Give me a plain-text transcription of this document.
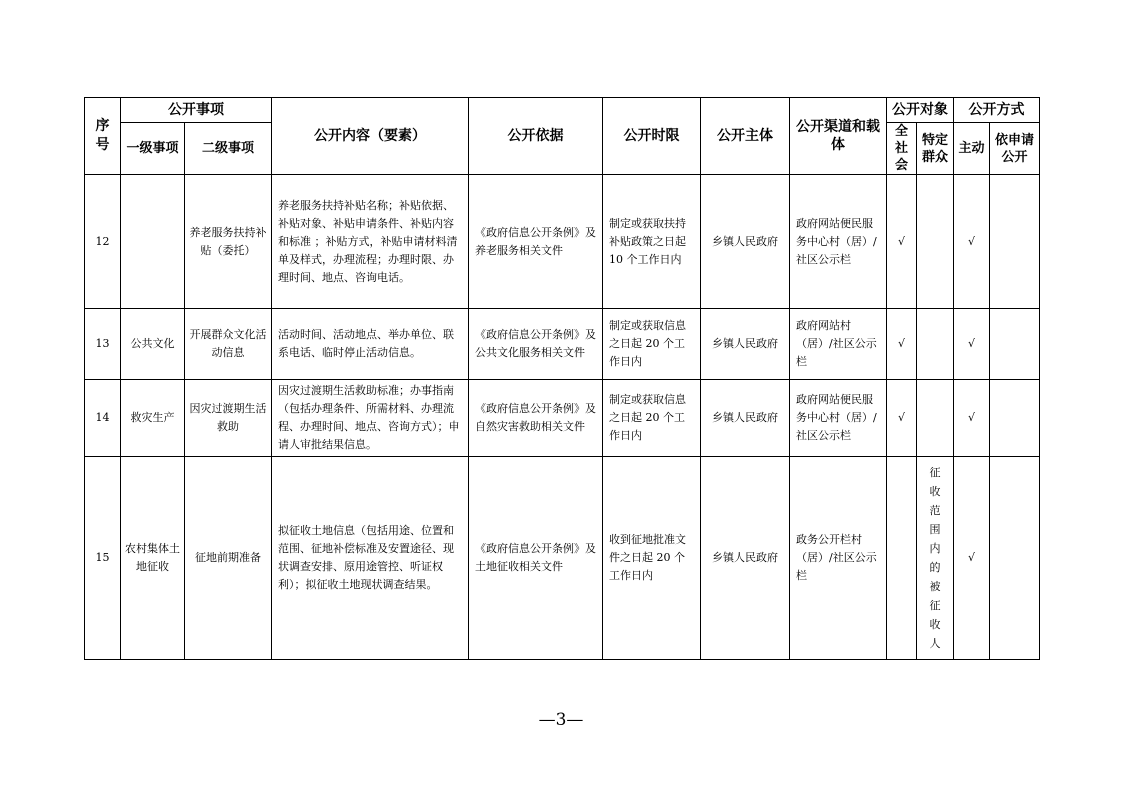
序号	公开事项		公开内容（要素）	公开依据	公开时限	公开主体	公开渠道和载体	公开对象		公开方式	
	一级事项	二级事项						全社会	特定群众	主动	依申请公开
12		养老服务扶持补贴（委托）	养老服务扶持补贴名称；补贴依据、补贴对象、补贴申请条件、补贴内容和标准 ；补贴方式，补贴申请材料清单及样式，办理流程；办理时限、办理时间、地点、咨询电话。	《政府信息公开条例》及养老服务相关文件	制定或获取扶持补贴政策之日起 10 个工作日内	乡镇人民政府	政府网站便民服务中心村（居）/社区公示栏	√		√	
13	公共文化	开展群众文化活动信息	活动时间、活动地点、举办单位、联系电话、临时停止活动信息。	《政府信息公开条例》及公共文化服务相关文件	制定或获取信息之日起 20 个工作日内	乡镇人民政府	政府网站村（居）/社区公示栏	√		√	
14	救灾生产	因灾过渡期生活救助	因灾过渡期生活救助标准；办事指南（包括办理条件、所需材料、办理流程、办理时间、地点、咨询方式）；申请人审批结果信息。	《政府信息公开条例》及自然灾害救助相关文件	制定或获取信息之日起 20 个工作日内	乡镇人民政府	政府网站便民服务中心村（居）/社区公示栏	√		√	
15	农村集体土地征收	征地前期准备	拟征收土地信息（包括用途、位置和范围、征地补偿标准及安置途径、现状调查安排、原用途管控、听证权利）；拟征收土地现状调查结果。	《政府信息公开条例》及土地征收相关文件	收到征地批准文件之日起 20 个工作日内	乡镇人民政府	政务公开栏村（居）/社区公示栏		征收范围内的被征收人	√	
—3—
